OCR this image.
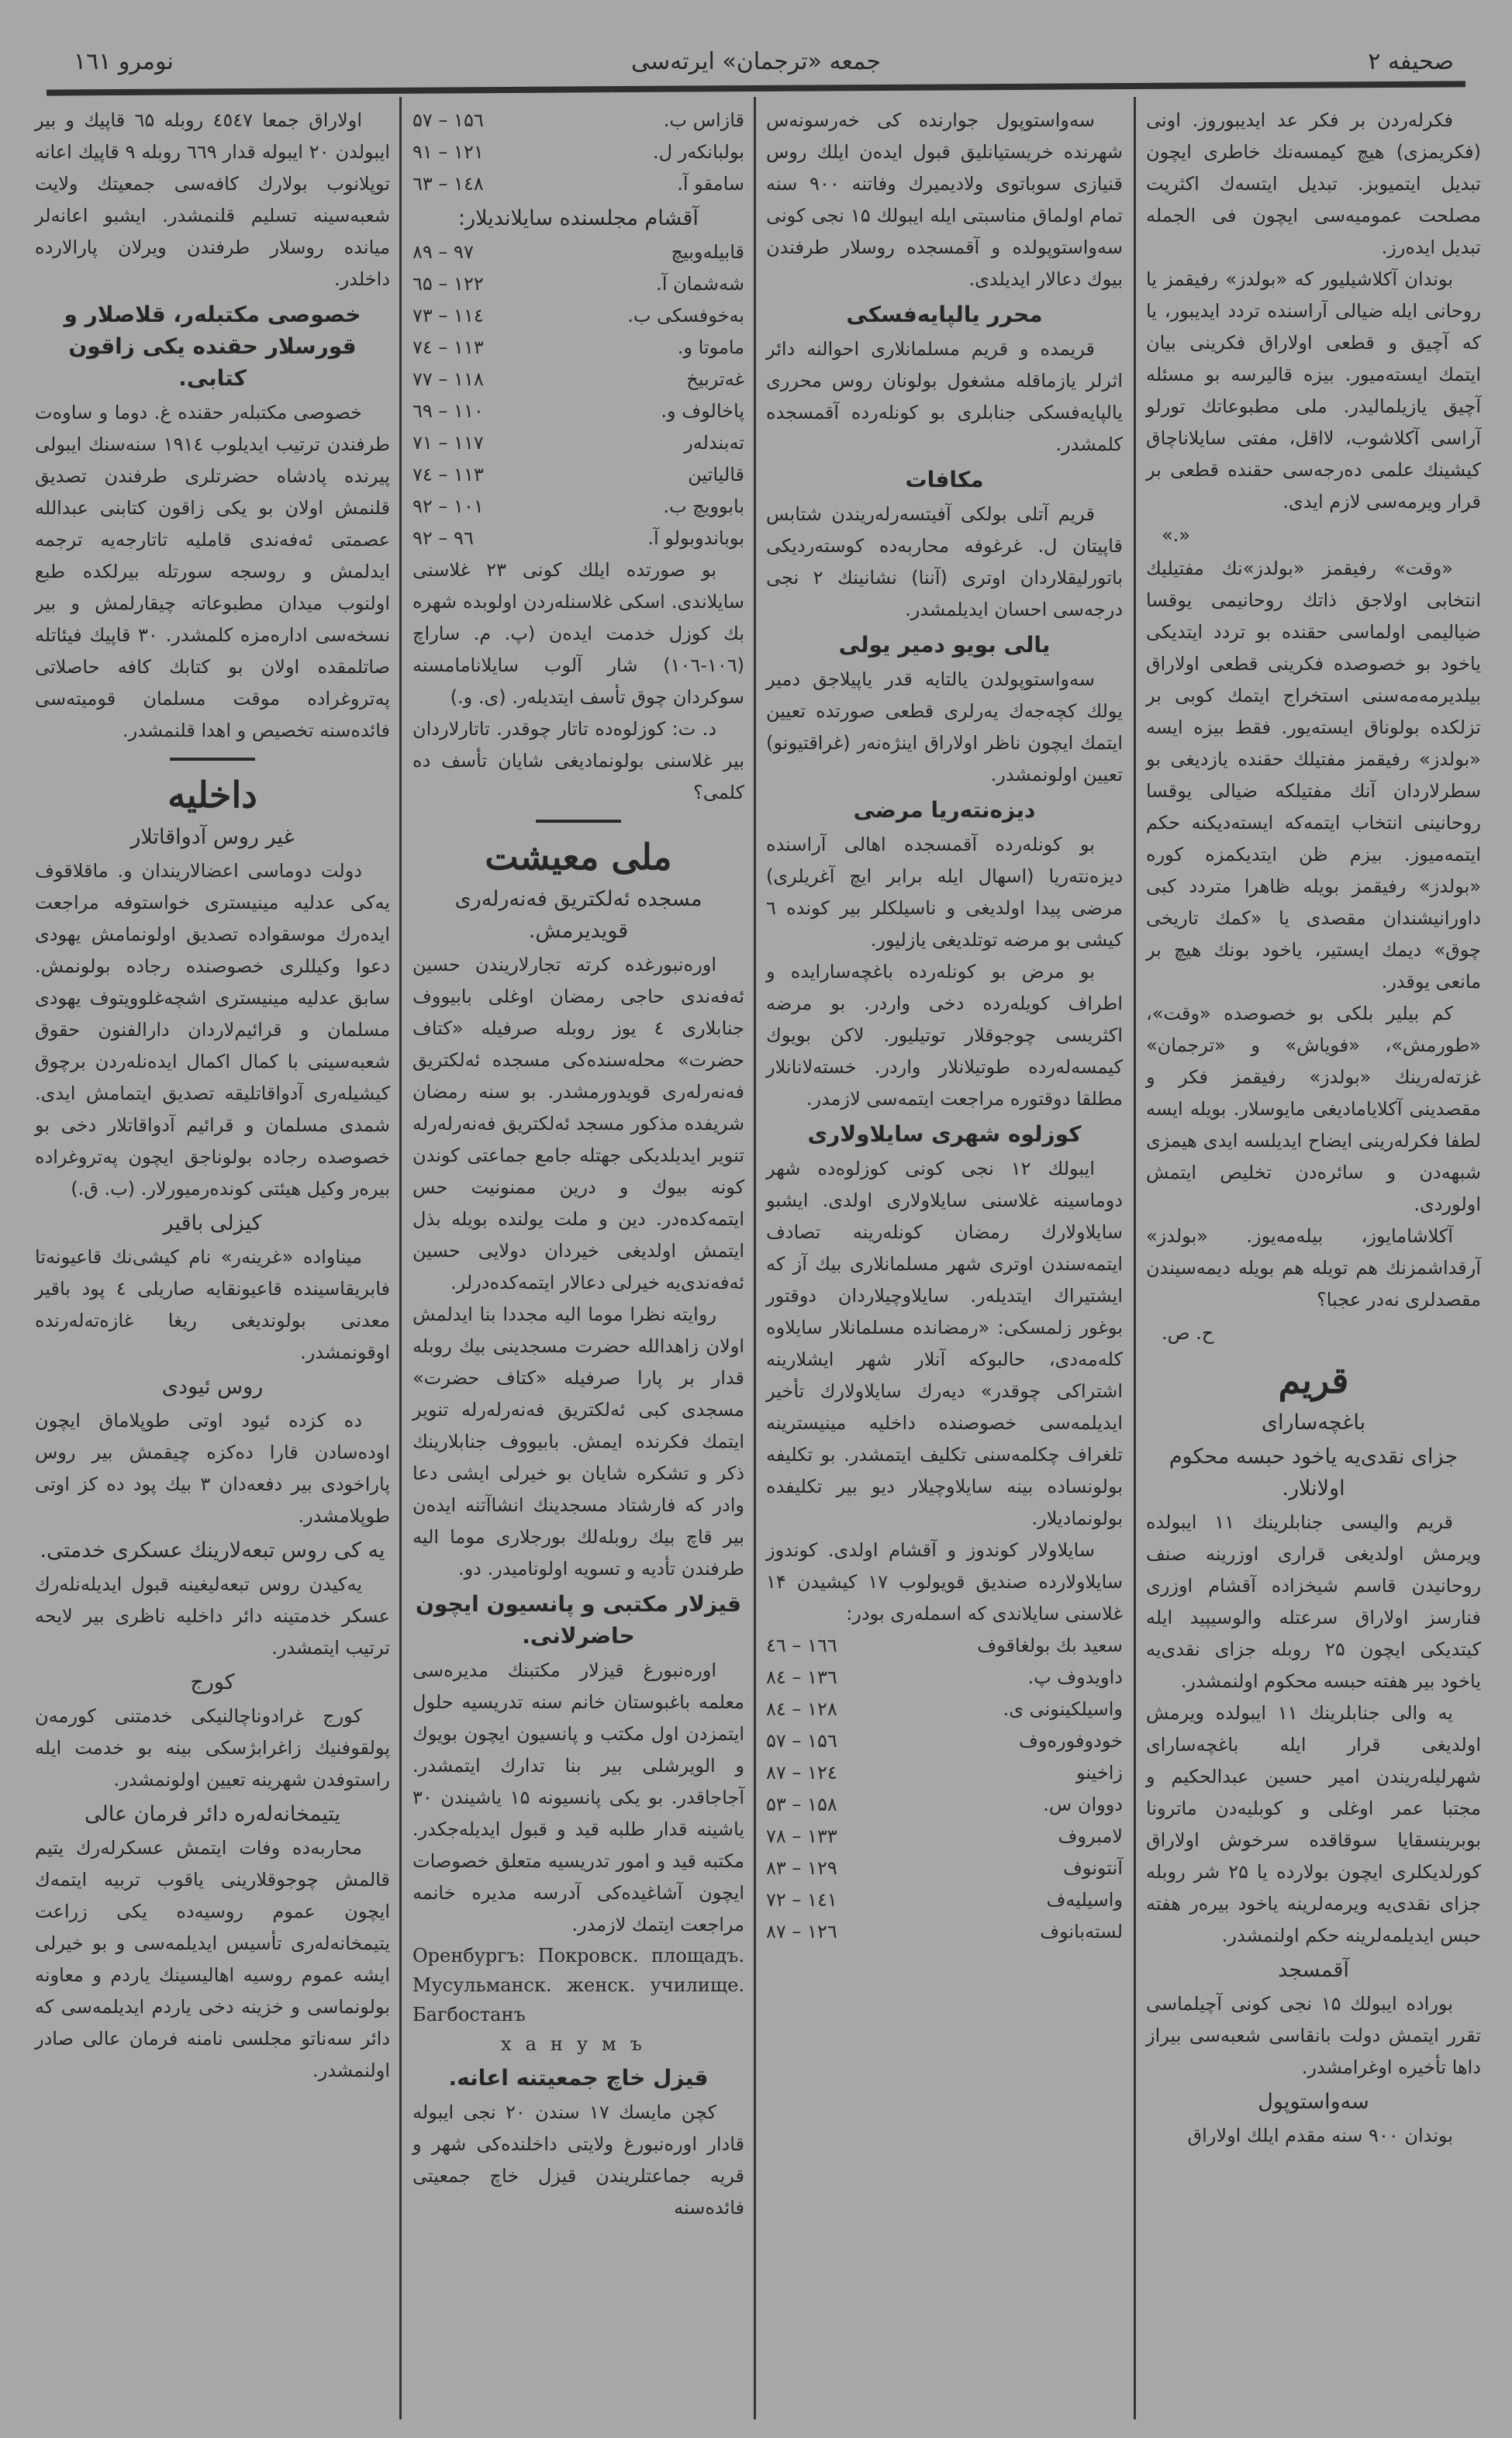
نومرو ۱٦۱	جمعه «ترجمان» ایرته‌سی	صحیفه ۲

فکرلەردن بر فکر عد ایدیبوروز. اونی (فکریمزی) هیچ کیمسەنك خاطری ایچون تبدیل ایتمیوبز. تبدیل ایتسەك اکثریت مصلحت عمومیەسی ایچون فی الجملە تبدیل ایدەرز.

بوندان آکلاشیلیور کە «بولدز» رفیقمز یا روحانی ایلە ضیالی آراسندە تردد ایدیبور، یا کە آچیق و قطعی اولاراق فکرینی بیان ایتمك ایستەمیور. بیزە قالیرسە بو مسئلە آچیق یازیلمالیدر. ملی مطبوعاتك تورلو آراسی آکلاشوب، لااقل، مفتی سایلاناچاق کیشینك علمی دەرجەسی حقندە قطعی بر قرار ویرمەسی لازم ایدی.

«.»

«وقت» رفیقمز «بولدز»نك مفتیلیك انتخابی اولاجق ذاتك روحانیمی یوقسا ضیالیمی اولماسی حقندە بو تردد ایتدیکی یاخود بو خصوصدە فکرینی قطعی اولاراق بیلدیرمەمەسنی استخراج ایتمك کوبی بر تزلکدە بولوناق ایستەیور. فقط بیزە ایسە «بولدز» رفیقمز مفتیلك حقندە یازدیغی بو سطرلاردان آنك مفتیلکە ضیالی یوقسا روحانینی انتخاب ایتمەکە ایستەدیکنە حکم ایتمەمیوز. بیزم ظن ایتدیکمزە کورە «بولدز» رفیقمز بویلە ظاهرا متردد کبی داورانیشندان مقصدی یا «کمك تاریخی چوق» دیمك ایستیر، یاخود بونك هیچ بر مانعی یوقدر.

کم بیلیر بلکی بو خصوصدە «وقت»، «طورمش»، «فویاش» و «ترجمان» غزتەلەرینك «بولدز» رفیقمز فکر و مقصدینی آکلایامادیغی مایوسلار. بویلە ایسە لطفا فکرلەرینی ایضاح ایدیلسە ایدی هیمزی شبهەدن و سائرەدن تخلیص ایتمش اولوردی.

آکلاشامایوز، بیلەمەیوز. «بولدز» آرقداشمزنك هم تویلە هم بویلە دیمەسیندن مقصدلری نەدر عجبا؟

ح. ص.
قریم
باغچەسارای
جزای نقدی‌یە یاخود حبسە محکوم اولانلار.

قریم والیسی جنابلرینك ۱۱ ایبولدە ویرمش اولدیغی قراری اوزرینە صنف روحانیدن قاسم شیخزادە آقشام اوزری فنارسز اولاراق سرعتلە والوسیپید ایلە کیتدیکی ایچون ۲۵ روبلە جزای نقدی‌یە یاخود بیر هفتە حبسە محکوم اولنمشدر.

یە والی جنابلرینك ۱۱ ایبولدە ویرمش اولدیغی قرار ایلە باغچەسارای شهرلیلەریندن امیر حسین عبدالحکیم و مجتبا عمر اوغلی و کوبلیەدن ماترونا بوبرینسقایا سوقاقدە سرخوش اولاراق کورلدیکلری ایچون بولاردە یا ۲۵ شر روبلە جزای نقدی‌یە ویرمەلرینە یاخود بیرەر هفتە حبس ایدیلمەلرینە حکم اولنمشدر.

آقمسجد

بوراده ایبولك ۱۵ نجی کونی آچیلماسی تقرر ایتمش دولت بانقاسی شعبەسی بیراز داها تأخیرە اوغرامشدر.

سەواستوپول

بوندان ۹۰۰ سنە مقدم ایلك اولاراق

سەواستوپول جوارندە کی خەرسونەس شهرندە خریستیانلیق قبول ایدەن ایلك روس قنیازی سوباتوی ولادیمیرك وفاتنە ۹۰۰ سنە تمام اولماق مناسبتی ایلە ایبولك ۱۵ نجی کونی سەواستوپولدە و آقمسجدە روسلار طرفندن بیوك دعالار ایدیلدی.

محرر یالپایەفسکی

قریمدە و قریم مسلمانلاری احوالنە دائر اثرلر یازماقلە مشغول بولونان روس محرری یالپایەفسکی جنابلری بو کونلەردە آقمسجدە کلمشدر.

مکافات

قریم آتلی بولکی آفیتسەرلەریندن شتابس قاپیتان ل. غرغوفە محاربەدە کوستەردیکی باتورلیقلاردان اوتری (آننا) نشانینك ۲ نجی درجەسی احسان ایدیلمشدر.

یالی بویو دمیر یولی

سەواستوپولدن یالتایە قدر یاپیلاجق دمیر یولك کچەجەك یەرلری قطعی صورتدە تعیین ایتمك ایچون ناظر اولاراق اینژەنەر (غراقتیونو) تعیین اولونمشدر.

دیزەنتەریا مرضی

بو کونلەردە آقمسجدە اهالی آراسندە دیزەنتەریا (اسهال ایلە برابر ایچ آغریلری) مرضی پیدا اولدیغی و ناسیلکلر بیر کوندە ٦ کیشی بو مرضە توتلدیغی یازلیور.

بو مرض بو کونلەردە باغچەسارایدە و اطراف کویلەردە دخی واردر. بو مرضە اکثریسی چوجوقلار توتیلیور. لاکن بویوك کیمسەلەردە طوتیلانلار واردر. خستەلانانلار مطلقا دوقتورە مراجعت ایتمەسی لازمدر.

کوزلوە شهری سایلاولاری

ایبولك ۱۲ نجی کونی کوزلوەدە شهر دوماسینە غلاسنی سایلاولاری اولدی. ایشبو سایلاولارك رمضان کونلەرینە تصادف ایتمەسندن اوتری شهر مسلمانلاری بیك آز کە ایشتیراك ایتدیلەر. سایلاوچیلاردان دوقتور بوغور زلمسکی: «رمضاندە مسلمانلار سایلاوە کلەمەدی، حالبوکە آنلار شهر ایشلارینە اشتراکی چوقدر» دیەرك سایلاولارك تأخیر ایدیلمەسی خصوصندە داخلیە مینیسترینە تلغراف چکلمەسنی تکلیف ایتمشدر. بو تکلیفە بولونساده بینە سایلاوچیلار دیو بیر تکلیفدە بولونمادیلار.

سایلاولار کوندوز و آقشام اولدی. کوندوز سایلاولاردە صندیق قویولوب ۱۷ کیشیدن ۱۴ غلاسنی سایلاندی کە اسملەری بودر:

سعید بك بولغاقوف
۱٦٦ – ٤٦
داویدوف پ.
۱۳٦ – ۸٤
واسیلکینونی ی.
۱۲۸ – ۸٤
خودوفورەوف
۱۵٦ – ۵۷
زاخینو
۱۲٤ – ۸۷
دووان س.
۱۵۸ – ۵۳
لامبروف
۱۳۳ – ۷۸
آنتونوف
۱۲۹ – ۸۳
واسیلیەف
۱٤۱ – ۷۲
لستەبانوف
۱۲٦ – ۸۷
قازاس ب.
۱۵٦ – ۵۷
بولبانکەر ل.
۱۲۱ – ۹۱
سامقو آ.
۱٤۸ – ٦۳
آقشام مجلسندە سایلاندیلار:
قابیلەوبیچ
۹۷ – ۸۹
شەشمان آ.
۱۲۲ – ٦۵
بەخوفسکی ب.
۱۱٤ – ۷۳
ماموتا و.
۱۱۳ – ۷٤
غەتربیخ
۱۱۸ – ۷۷
پاخالوف و.
۱۱۰ – ٦۹
تەبندلەر
۱۱۷ – ۷۱
قالیاتین
۱۱۳ – ۷٤
بابوویچ ب.
۱۰۱ – ۹۲
بوباندوبولو آ.
۹٦ – ۹۲

بو صورتدە ایلك کونی ۲۳ غلاسنی سایلاندی. اسکی غلاسنلەردن اولوبدە شهرە بك کوزل خدمت ایدەن (پ. م. ساراچ (۱۰٦-۱۰٦) شار آلوب سایلانامامسنە سوکردان چوق تأسف ایتدیلەر. (ی. و.)

د. ت: کوزلوەدە تاتار چوقدر. تاتارلاردان بیر غلاسنی بولونمادیغی شایان تأسف دە کلمی؟

ملی معیشت
مسجدە ئەلکتریق فەنەرلەری قویدیرمش.

اورەنبورغدە کرتە تجارلاریندن حسین ئەفەندی حاجی رمضان اوغلی بابیووف جنابلاری ٤ یوز روبلە صرفیلە «کتاف حضرت» محلەسندەکی مسجدە ئەلکتریق فەنەرلەری قویدورمشدر. بو سنە رمضان شریفدە مذکور مسجد ئەلکتریق فەنەرلەرلە تنویر ایدیلدیکی جهتلە جامع جماعتی کوندن کونە بیوك و درین ممنونیت حس ایتمەکدەدر. دین و ملت یولندە بویلە بذل ایتمش اولدیغی خیردان دولایی حسین ئەفەندی‌یە خیرلی دعالار ایتمەکدەدرلر.

روایتە نظرا موما الیه مجددا بنا ایدلمش اولان زاهداللە حضرت مسجدینی بیك روبلە قدار بر پارا صرفیلە «کتاف حضرت» مسجدی کبی ئەلکتریق فەنەرلەرلە تنویر ایتمك فکرندە ایمش. بابیووف جنابلارینك ذکر و تشکرە شایان بو خیرلی ایشی دعا وادر کە فارشتاد مسجدینك انشاآتنە ایدەن بیر قاچ بیك روبلەلك بورجلاری موما الیه طرفندن تأدیە و تسویە اولونامیدر. دو.

قیزلار مکتبی و پانسیون ایچون حاضرلانی.

اورەنبورغ قیزلار مکتبنك مدیرەسی معلمە باغبوستان خانم سنە تدریسیە حلول ایتمزدن اول مکتب و پانسیون ایچون بویوك و الویرشلی بیر بنا تدارك ایتمشدر. آجاجاقدر. بو یکی پانسیونە ۱۵ یاشیندن ۳۰ یاشینە قدار طلبە قید و قبول ایدیلەجکدر. مکتبە قید و امور تدریسیە متعلق خصوصات ایچون آشاغیدەکی آدرسە مدیرە خانمە مراجعت ایتمك لازمدر.

Оренбургъ: Покровск. площадъ. Мусульманск. женск. училище. Багбостанъ
ханумъ
قیزل خاچ جمعیتنە اعانە.

کچن مایسك ۱۷ سندن ۲۰ نجی ایبولە قادار اورەنبورغ ولایتی داخلندەکی شهر و قریە جماعتلریندن قیزل خاچ جمعیتی فائدەسنە

اولاراق جمعا ٤٥٤۷ روبلە ٦۵ قاپیك و بیر ایبولدن ۲۰ ایبولە قدار ٦٦۹ روبلە ۹ قاپیك اعانە توپلانوب بولارك کافەسی جمعیتك ولایت شعبەسینە تسلیم قلنمشدر. ایشبو اعانەلر میاندە روسلار طرفندن ویرلان پارالاردە داخلدر.

خصوصی مکتبلەر، قلاصلار و قورسلار حقندە یکی زاقون کتابی.

خصوصی مکتبلەر حقندە غ. دوما و ساوەت طرفندن ترتیب ایدیلوب ۱۹۱٤ سنەسنك ایبولی پیرندە پادشاه حضرتلری طرفندن تصدیق قلنمش اولان بو یکی زاقون کتابنی عبداللە عصمتی ئەفەندی قاملیە تاتارجەیە ترجمە ایدلمش و روسجە سورتلە بیرلکدە طبع اولنوب میدان مطبوعاتە چیقارلمش و بیر نسخەسی ادارەمزە کلمشدر. ۳۰ قاپیك فیئاتلە صاتلمقدە اولان بو کتابك کافە حاصلاتی پەتروغرادە موقت مسلمان قومیتەسی فائدەسنە تخصیص و اهدا قلنمشدر.

داخلیە
غیر روس آدواقاتلار

دولت دوماسی اعضالاریندان و. ماقلاقوف یەکی عدلیە مینیستری خواستوفە مراجعت ایدەرك موسقوادە تصدیق اولونمامش یهودی دعوا وکیللری خصوصندە رجادە بولونمش. سابق عدلیە مینیستری اشچەغلوویتوف یهودی مسلمان و قرائیم‌لاردان دارالفنون حقوق شعبەسینی با کمال اکمال ایدەنلەردن برچوق کیشیلەری آدواقاتلیقە تصدیق ایتمامش ایدی. شمدی مسلمان و قرائیم آدواقاتلار دخی بو خصوصدە رجادە بولوناجق ایچون پەتروغرادە بیرەر وکیل هیئتی کوندەرمیورلار. (ب. ق.)

کیزلی باقیر

میناوادە «غرینەر» نام کیشی‌نك قاعیونەتا فابریقاسیندە قاعیونقایە صاریلی ٤ پود باقیر معدنی بولوندیغی ریغا غازەتەلەرندە اوقونمشدر.

روس ئیودی

دە کزدە ئیود اوتی طوپلاماق ایچون اودەسادن قارا دەکزە چیقمش بیر روس پاراخودی بیر دفعەدان ۳ بیك پود دە کز اوتی طوپلامشدر.

یە کی روس تبعەلارینك عسکری خدمتی.

یەکیدن روس تبعەلیغینە قبول ایدیلەنلەرك عسکر خدمتینە دائر داخلیە ناظری بیر لایحە ترتیب ایتمشدر.

کورج

کورج غرادوناچالنیکی خدمتنی کورمەن پولقوفنیك زاغرابژسکی بینە بو خدمت ایلە راستوفدن شهرینە تعیین اولونمشدر.

یتیمخانەلەرە دائر فرمان عالی

محاربەدە وفات ایتمش عسکرلەرك یتیم قالمش چوجوقلارینی یاقوب تربیە ایتمەك ایچون عموم روسیەدە یکی زراعت یتیمخانەلەری تأسیس ایدیلمەسی و بو خیرلی ایشە عموم روسیە اهالیسینك یاردم و معاونە بولونماسی و خزینە دخی یاردم ایدیلمەسی کە دائر سەناتو مجلسی نامنە فرمان عالی صادر اولنمشدر.
